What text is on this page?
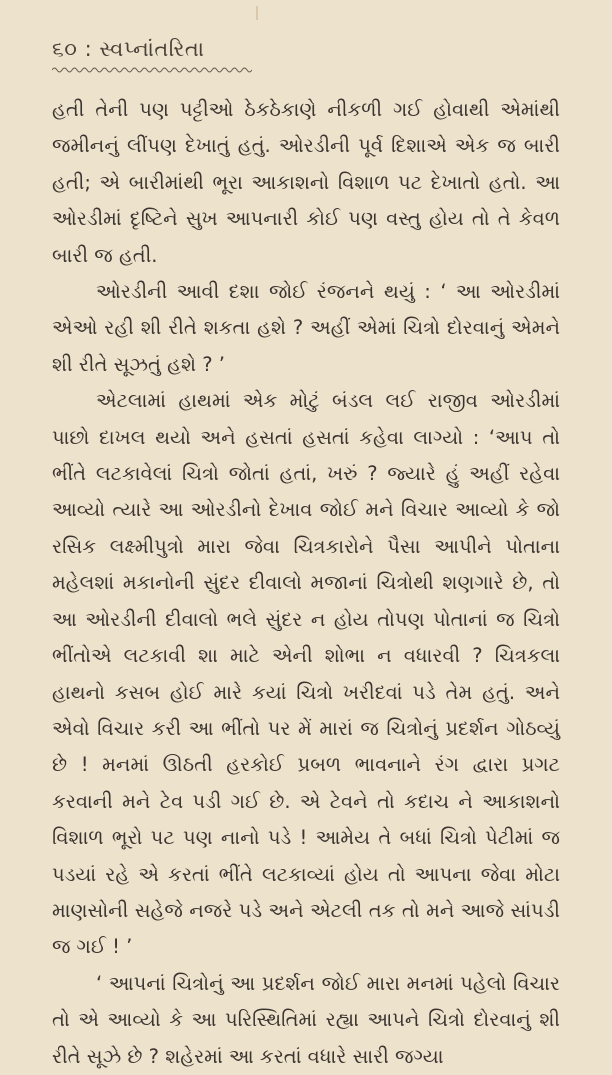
૬૦ : સ્વપ્નાંતરિતા

હતી તેની પણ પટ્ટીઓ ઠેકઠેકાણે નીકળી ગઈ હોવાથી એમાંથી જમીનનું લીંપણ દેખાતું હતું. ઓરડીની પૂર્વ દિશાએ એક જ બારી હતી; એ બારીમાંથી ભૂરા આકાશનો વિશાળ પટ દેખાતો હતો. આ ઓરડીમાં દૃષ્ટિને સુખ આપનારી કોઈ પણ વસ્તુ હોય તો તે કેવળ બારી જ હતી.

ઓરડીની આવી દશા જોઈ રંજનને થયું : ‘ આ ઓરડીમાં એઓ રહી શી રીતે શકતા હશે ? અહીં એમાં ચિત્રો દોરવાનું એમને શી રીતે સૂઝતું હશે ? ’

એટલામાં હાથમાં એક મોટું બંડલ લઈ રાજીવ ઓરડીમાં પાછો દાખલ થયો અને હસતાં હસતાં કહેવા લાગ્યો : ‘આપ તો ભીંતે લટકાવેલાં ચિત્રો જોતાં હતાં, ખરું ? જ્યારે હું અહીં રહેવા આવ્યો ત્યારે આ ઓરડીનો દેખાવ જોઈ મને વિચાર આવ્યો કે જો રસિક લક્ષ્મીપુત્રો મારા જેવા ચિત્રકારોને પૈસા આપીને પોતાના મહેલશાં મકાનોની સુંદર દીવાલો મજાનાં ચિત્રોથી શણગારે છે, તો આ ઓરડીની દીવાલો ભલે સુંદર ન હોય તોપણ પોતાનાં જ ચિત્રો ભીંતોએ લટકાવી શા માટે એની શોભા ન વધારવી ? ચિત્રકલા હાથનો કસબ હોઈ મારે કયાં ચિત્રો ખરીદવાં પડે તેમ હતું. અને એવો વિચાર કરી આ ભીંતો પર મેં મારાં જ ચિત્રોનું પ્રદર્શન ગોઠવ્યું છે ! મનમાં ઊઠતી હરકોઈ પ્રબળ ભાવનાને રંગ દ્વારા પ્રગટ કરવાની મને ટેવ પડી ગઈ છે. એ ટેવને તો કદાચ ને આકાશનો વિશાળ ભૂરો પટ પણ નાનો પડે ! આમેય તે બધાં ચિત્રો પેટીમાં જ પડયાં રહે એ કરતાં ભીંતે લટકાવ્યાં હોય તો આપના જેવા મોટા માણસોની સહેજે નજરે પડે અને એટલી તક તો મને આજે સાંપડી જ ગઈ ! ’

‘ આપનાં ચિત્રોનું આ પ્રદર્શન જોઈ મારા મનમાં પહેલો વિચાર તો એ આવ્યો કે આ પરિસ્થિતિમાં રહ્યા આપને ચિત્રો દોરવાનું શી રીતે સૂઝે છે ? શહેરમાં આ કરતાં વધારે સારી જગ્યા
